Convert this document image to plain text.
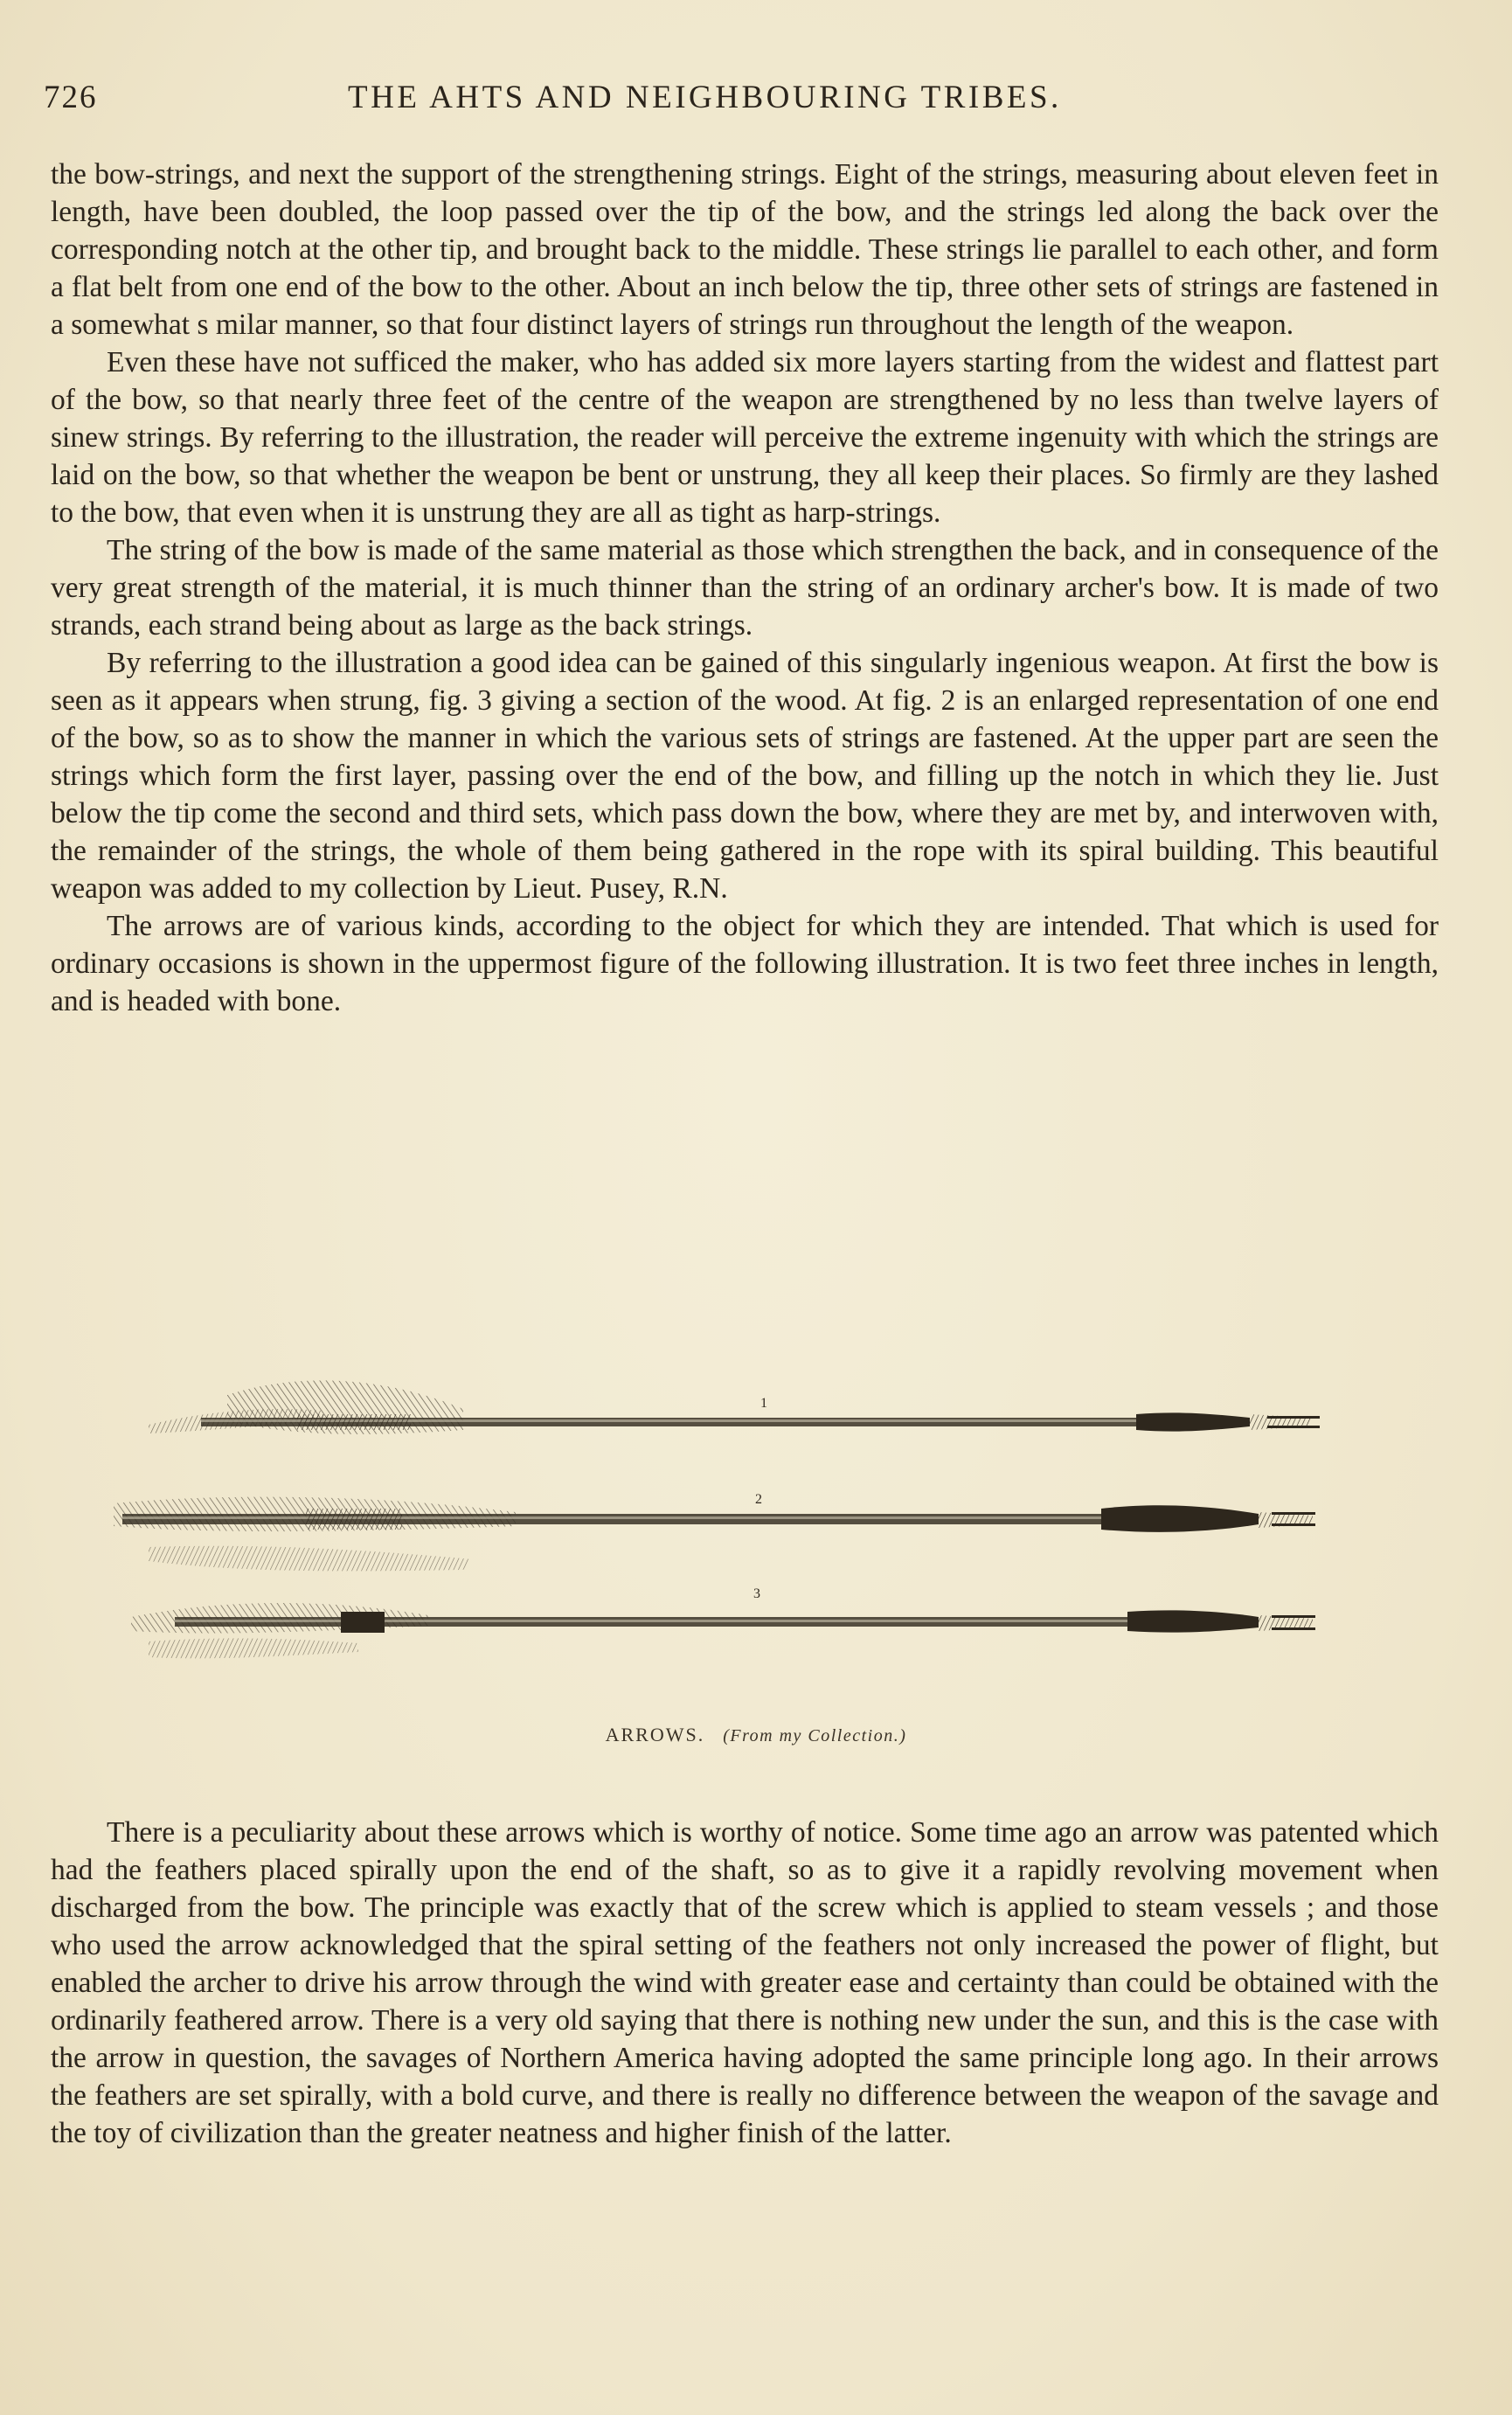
726	THE AHTS AND NEIGHBOURING TRIBES.

the bow-strings, and next the support of the strengthening strings. Eight of the strings, measuring about eleven feet in length, have been doubled, the loop passed over the tip of the bow, and the strings led along the back over the corresponding notch at the other tip, and brought back to the middle. These strings lie parallel to each other, and form a flat belt from one end of the bow to the other. About an inch below the tip, three other sets of strings are fastened in a somewhat s milar manner, so that four distinct layers of strings run throughout the length of the weapon.

Even these have not sufficed the maker, who has added six more layers starting from the widest and flattest part of the bow, so that nearly three feet of the centre of the weapon are strengthened by no less than twelve layers of sinew strings. By referring to the illustration, the reader will perceive the extreme ingenuity with which the strings are laid on the bow, so that whether the weapon be bent or unstrung, they all keep their places. So firmly are they lashed to the bow, that even when it is unstrung they are all as tight as harp-strings.

The string of the bow is made of the same material as those which strengthen the back, and in consequence of the very great strength of the material, it is much thinner than the string of an ordinary archer's bow. It is made of two strands, each strand being about as large as the back strings.

By referring to the illustration a good idea can be gained of this singularly ingenious weapon. At first the bow is seen as it appears when strung, fig. 3 giving a section of the wood. At fig. 2 is an enlarged representation of one end of the bow, so as to show the manner in which the various sets of strings are fastened. At the upper part are seen the strings which form the first layer, passing over the end of the bow, and filling up the notch in which they lie. Just below the tip come the second and third sets, which pass down the bow, where they are met by, and interwoven with, the remainder of the strings, the whole of them being gathered in the rope with its spiral building. This beautiful weapon was added to my collection by Lieut. Pusey, R.N.

The arrows are of various kinds, according to the object for which they are intended. That which is used for ordinary occasions is shown in the uppermost figure of the following illustration. It is two feet three inches in length, and is headed with bone.

1
2
3
ARROWS. (From my Collection.)

There is a peculiarity about these arrows which is worthy of notice. Some time ago an arrow was patented which had the feathers placed spirally upon the end of the shaft, so as to give it a rapidly revolving movement when discharged from the bow. The principle was exactly that of the screw which is applied to steam vessels ; and those who used the arrow acknowledged that the spiral setting of the feathers not only increased the power of flight, but enabled the archer to drive his arrow through the wind with greater ease and certainty than could be obtained with the ordinarily feathered arrow. There is a very old saying that there is nothing new under the sun, and this is the case with the arrow in question, the savages of Northern America having adopted the same principle long ago. In their arrows the feathers are set spirally, with a bold curve, and there is really no difference between the weapon of the savage and the toy of civilization than the greater neatness and higher finish of the latter.
